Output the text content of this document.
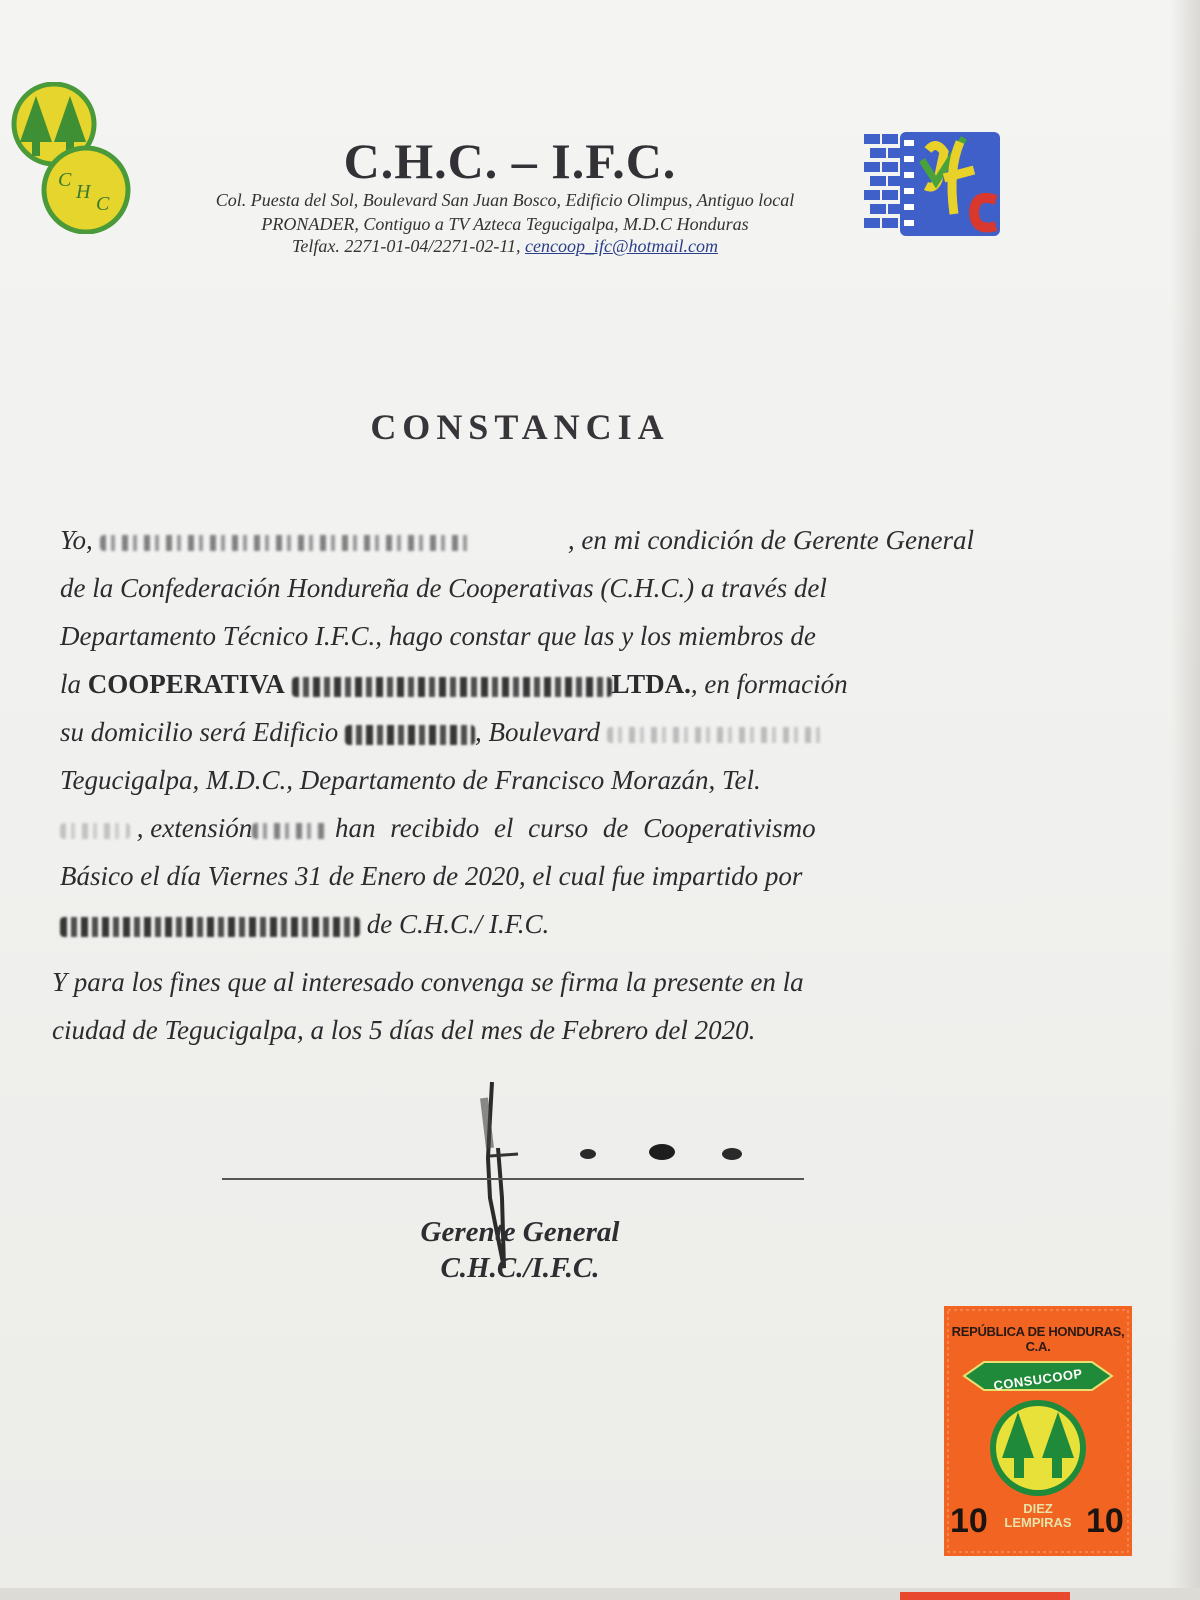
C
H
C
C.H.C. – I.F.C.
Col. Puesta del Sol, Boulevard San Juan Bosco, Edificio Olimpus, Antiguo local
PRONADER, Contiguo a TV Azteca Tegucigalpa, M.D.C Honduras
Telfax. 2271-01-04/2271-02-11, cencoop_ifc@hotmail.com
CONSTANCIA
Yo,	, en mi condición de Gerente General
de la Confederación Hondureña de Cooperativas (C.H.C.) a través del
Departamento Técnico I.F.C., hago constar que las y los miembros de
la COOPERATIVA	LTDA., en formación
su domicilio será Edificio	, Boulevard
Tegucigalpa, M.D.C., Departamento de Francisco Morazán, Tel.
, extensión	han recibido el curso de Cooperativismo
Básico el día Viernes 31 de Enero de 2020, el cual fue impartido por
de C.H.C./ I.F.C.
Y para los fines que al interesado convenga se firma la presente en la
ciudad de Tegucigalpa, a los 5 días del mes de Febrero del 2020.
Gerente General
C.H.C./I.F.C.
REPÚBLICA DE HONDURAS, C.A.
CONSUCOOP
10	DIEZ
LEMPIRAS 10
